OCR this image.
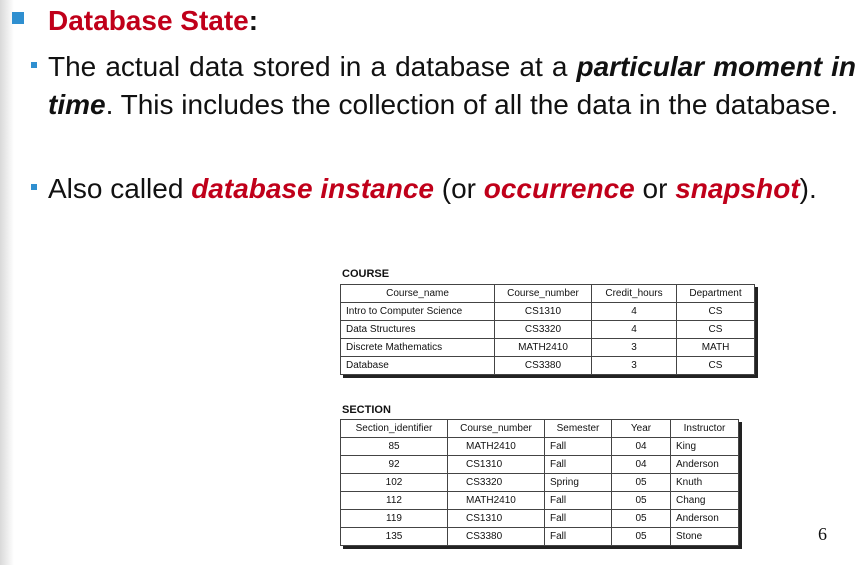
Database State:
The actual data stored in a database at a particular moment in time. This includes the collection of all the data in the database.
Also called database instance (or occurrence or snapshot).
COURSE
Course_name	Course_number	Credit_hours	Department
Intro to Computer Science	CS1310	4	CS
Data Structures	CS3320	4	CS
Discrete Mathematics	MATH2410	3	MATH
Database	CS3380	3	CS
SECTION
Section_identifier	Course_number	Semester	Year	Instructor
85	MATH2410	Fall	04	King
92	CS1310	Fall	04	Anderson
102	CS3320	Spring	05	Knuth
112	MATH2410	Fall	05	Chang
119	CS1310	Fall	05	Anderson
135	CS3380	Fall	05	Stone	6
